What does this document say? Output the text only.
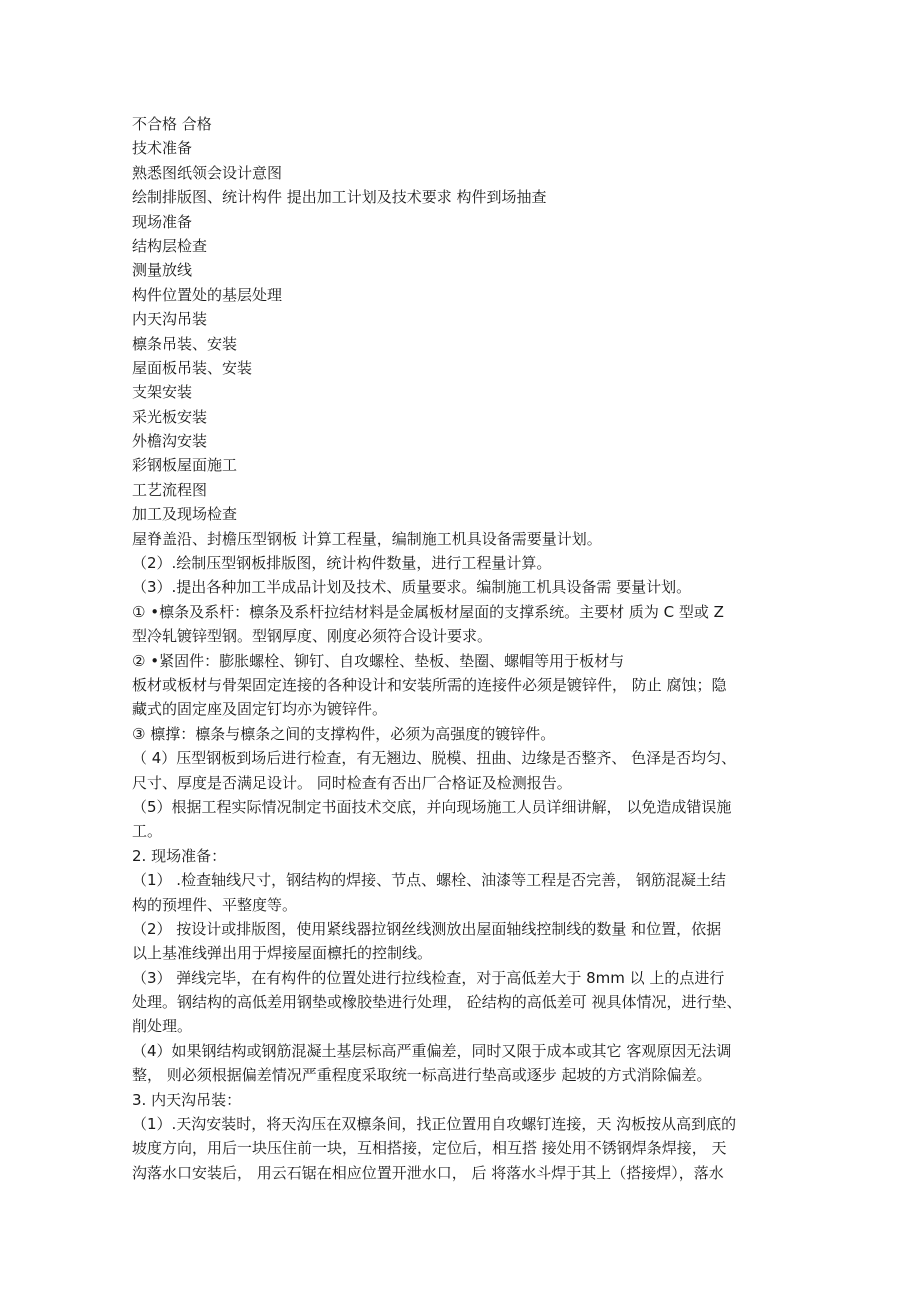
不合格 合格
技术准备
熟悉图纸领会设计意图
绘制排版图、统计构件 提出加工计划及技术要求 构件到场抽查
现场准备
结构层检查
测量放线
构件位置处的基层处理
内天沟吊装
檩条吊装、安装
屋面板吊装、安装
支架安装
采光板安装
外檐沟安装
彩钢板屋面施工
工艺流程图
加工及现场检查
屋脊盖沿、封檐压型钢板 计算工程量，编制施工机具设备需要量计划。
（2）.绘制压型钢板排版图，统计构件数量，进行工程量计算。
（3）.提出各种加工半成品计划及技术、质量要求。编制施工机具设备需 要量计划。
① •檩条及系杆：檩条及系杆拉结材料是金属板材屋面的支撑系统。主要材 质为 C 型或 Z
型冷轧镀锌型钢。型钢厚度、刚度必须符合设计要求。
② •紧固件：膨胀螺栓、铆钉、自攻螺栓、垫板、垫圈、螺帽等用于板材与
板材或板材与骨架固定连接的各种设计和安装所需的连接件必须是镀锌件， 防止 腐蚀；隐
藏式的固定座及固定钉均亦为镀锌件。
③ 檩撑：檩条与檩条之间的支撑构件，必须为高强度的镀锌件。
（ 4）压型钢板到场后进行检查，有无翘边、脱模、扭曲、边缘是否整齐、 色泽是否均匀、
尺寸、厚度是否满足设计。 同时检查有否出厂合格证及检测报告。
（5）根据工程实际情况制定书面技术交底，并向现场施工人员详细讲解， 以免造成错误施
工。
2. 现场准备：
（1） .检查轴线尺寸，钢结构的焊接、节点、螺栓、油漆等工程是否完善， 钢筋混凝土结
构的预埋件、平整度等。
（2） 按设计或排版图，使用紧线器拉钢丝线测放出屋面轴线控制线的数量 和位置，依据
以上基准线弹出用于焊接屋面檩托的控制线。
（3） 弹线完毕，在有构件的位置处进行拉线检查，对于高低差大于 8mm 以 上的点进行
处理。钢结构的高低差用钢垫或橡胶垫进行处理， 砼结构的高低差可 视具体情况，进行垫、
削处理。
（4）如果钢结构或钢筋混凝土基层标高严重偏差，同时又限于成本或其它 客观原因无法调
整， 则必须根据偏差情况严重程度采取统一标高进行垫高或逐步 起坡的方式消除偏差。
3. 内天沟吊装：
（1）.天沟安装时，将天沟压在双檩条间，找正位置用自攻螺钉连接，天 沟板按从高到底的
坡度方向，用后一块压住前一块，互相搭接，定位后，相互搭 接处用不锈钢焊条焊接， 天
沟落水口安装后， 用云石锯在相应位置开泄水口， 后 将落水斗焊于其上（搭接焊），落水
